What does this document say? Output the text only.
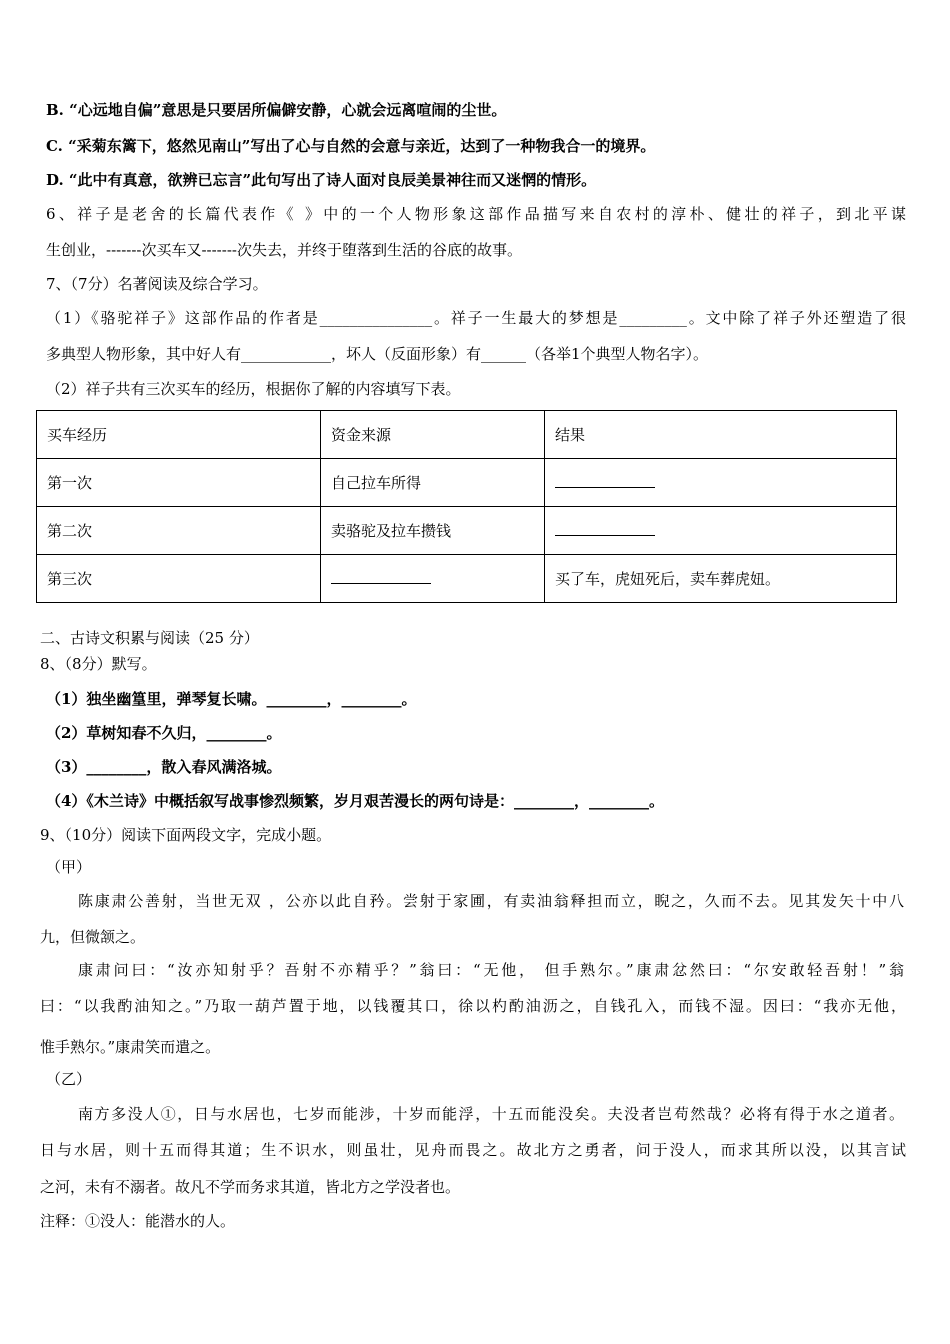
B. “心远地自偏”意思是只要居所偏僻安静，心就会远离喧闹的尘世。
C. “采菊东篱下，悠然见南山”写出了心与自然的会意与亲近，达到了一种物我合一的境界。
D. “此中有真意，欲辨已忘言”此句写出了诗人面对良辰美景神往而又迷惘的情形。
6、祥子是老舍的长篇代表作《 》中的一个人物形象这部作品描写来自农村的淳朴、健壮的祥子，到北平谋
生创业，-------次买车又-------次失去，并终于堕落到生活的谷底的故事。
7、（7分）名著阅读及综合学习。
（1）《骆驼祥子》这部作品的作者是_______________。祥子一生最大的梦想是_________。文中除了祥子外还塑造了很
多典型人物形象，其中好人有____________，坏人（反面形象）有______（各举1个典型人物名字）。
（2）祥子共有三次买车的经历，根据你了解的内容填写下表。
买车经历	资金来源	结果
第一次	自己拉车所得	
第二次	卖骆驼及拉车攒钱	
第三次		买了车，虎妞死后，卖车葬虎妞。
二、古诗文积累与阅读（25 分）
8、（8分）默写。
（1）独坐幽篁里，弹琴复长啸。________，________。
（2）草树知春不久归，________。
（3）________，散入春风满洛城。
（4）《木兰诗》中概括叙写战事惨烈频繁，岁月艰苦漫长的两句诗是：________，________。
9、（10分）阅读下面两段文字，完成小题。
（甲）
陈康肃公善射，当世无双 ，公亦以此自矜。尝射于家圃，有卖油翁释担而立，睨之，久而不去。见其发矢十中八
九，但微颔之。
康肃问曰：“汝亦知射乎？吾射不亦精乎？”翁曰：“无他， 但手熟尔。”康肃忿然曰：“尔安敢轻吾射！”翁
曰：“以我酌油知之。”乃取一葫芦置于地，以钱覆其口，徐以杓酌油沥之，自钱孔入，而钱不湿。因曰：“我亦无他，
惟手熟尔。”康肃笑而遣之。
（乙）
南方多没人①，日与水居也，七岁而能涉，十岁而能浮，十五而能没矣。夫没者岂苟然哉？必将有得于水之道者。
日与水居，则十五而得其道；生不识水，则虽壮，见舟而畏之。故北方之勇者，问于没人，而求其所以没，以其言试
之河，未有不溺者。故凡不学而务求其道，皆北方之学没者也。
注释：①没人：能潜水的人。
